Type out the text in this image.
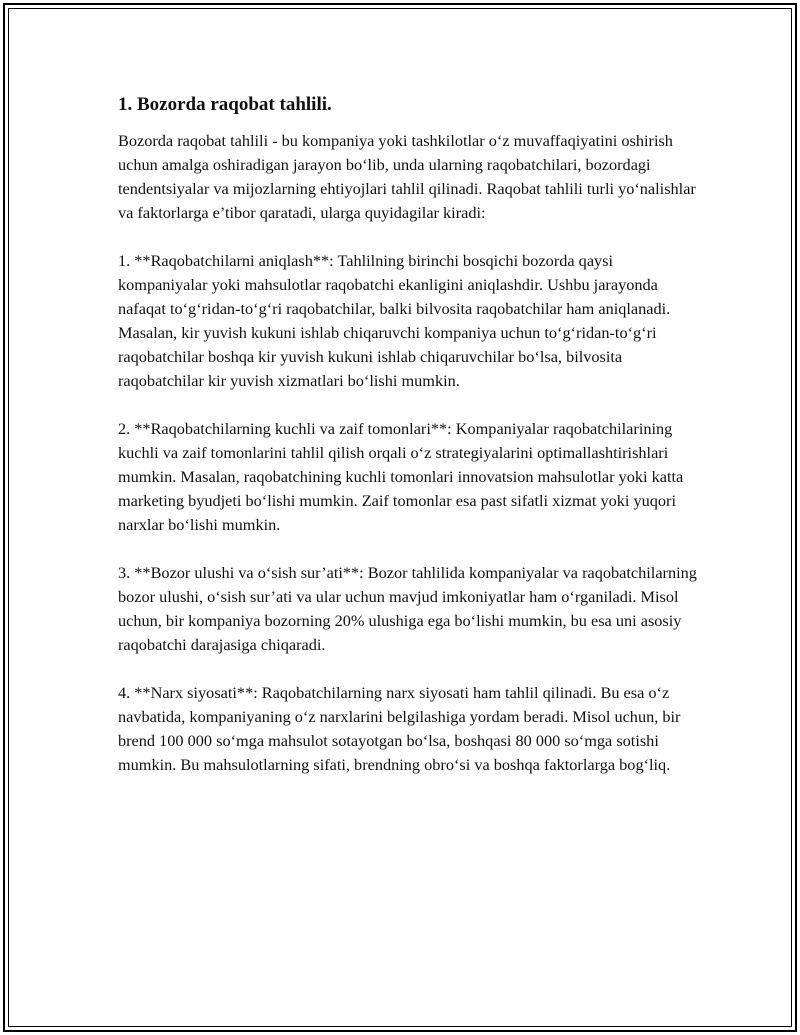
1. Bozorda raqobat tahlili.

Bozorda raqobat tahlili - bu kompaniya yoki tashkilotlar o‘z muvaffaqiyatini oshirish uchun amalga oshiradigan jarayon bo‘lib, unda ularning raqobatchilari, bozordagi tendentsiyalar va mijozlarning ehtiyojlari tahlil qilinadi. Raqobat tahlili turli yo‘nalishlar va faktorlarga e’tibor qaratadi, ularga quyidagilar kiradi:

1. **Raqobatchilarni aniqlash**: Tahlilning birinchi bosqichi bozorda qaysi kompaniyalar yoki mahsulotlar raqobatchi ekanligini aniqlashdir. Ushbu jarayonda nafaqat to‘g‘ridan-to‘g‘ri raqobatchilar, balki bilvosita raqobatchilar ham aniqlanadi. Masalan, kir yuvish kukuni ishlab chiqaruvchi kompaniya uchun to‘g‘ridan-to‘g‘ri raqobatchilar boshqa kir yuvish kukuni ishlab chiqaruvchilar bo‘lsa, bilvosita raqobatchilar kir yuvish xizmatlari bo‘lishi mumkin.

2. **Raqobatchilarning kuchli va zaif tomonlari**: Kompaniyalar raqobatchilarining kuchli va zaif tomonlarini tahlil qilish orqali o‘z strategiyalarini optimallashtirishlari mumkin. Masalan, raqobatchining kuchli tomonlari innovatsion mahsulotlar yoki katta marketing byudjeti bo‘lishi mumkin. Zaif tomonlar esa past sifatli xizmat yoki yuqori narxlar bo‘lishi mumkin.

3. **Bozor ulushi va o‘sish sur’ati**: Bozor tahlilida kompaniyalar va raqobatchilarning bozor ulushi, o‘sish sur’ati va ular uchun mavjud imkoniyatlar ham o‘rganiladi. Misol uchun, bir kompaniya bozorning 20% ulushiga ega bo‘lishi mumkin, bu esa uni asosiy raqobatchi darajasiga chiqaradi.

4. **Narx siyosati**: Raqobatchilarning narx siyosati ham tahlil qilinadi. Bu esa o‘z navbatida, kompaniyaning o‘z narxlarini belgilashiga yordam beradi. Misol uchun, bir brend 100 000 so‘mga mahsulot sotayotgan bo‘lsa, boshqasi 80 000 so‘mga sotishi mumkin. Bu mahsulotlarning sifati, brendning obro‘si va boshqa faktorlarga bog‘liq.
